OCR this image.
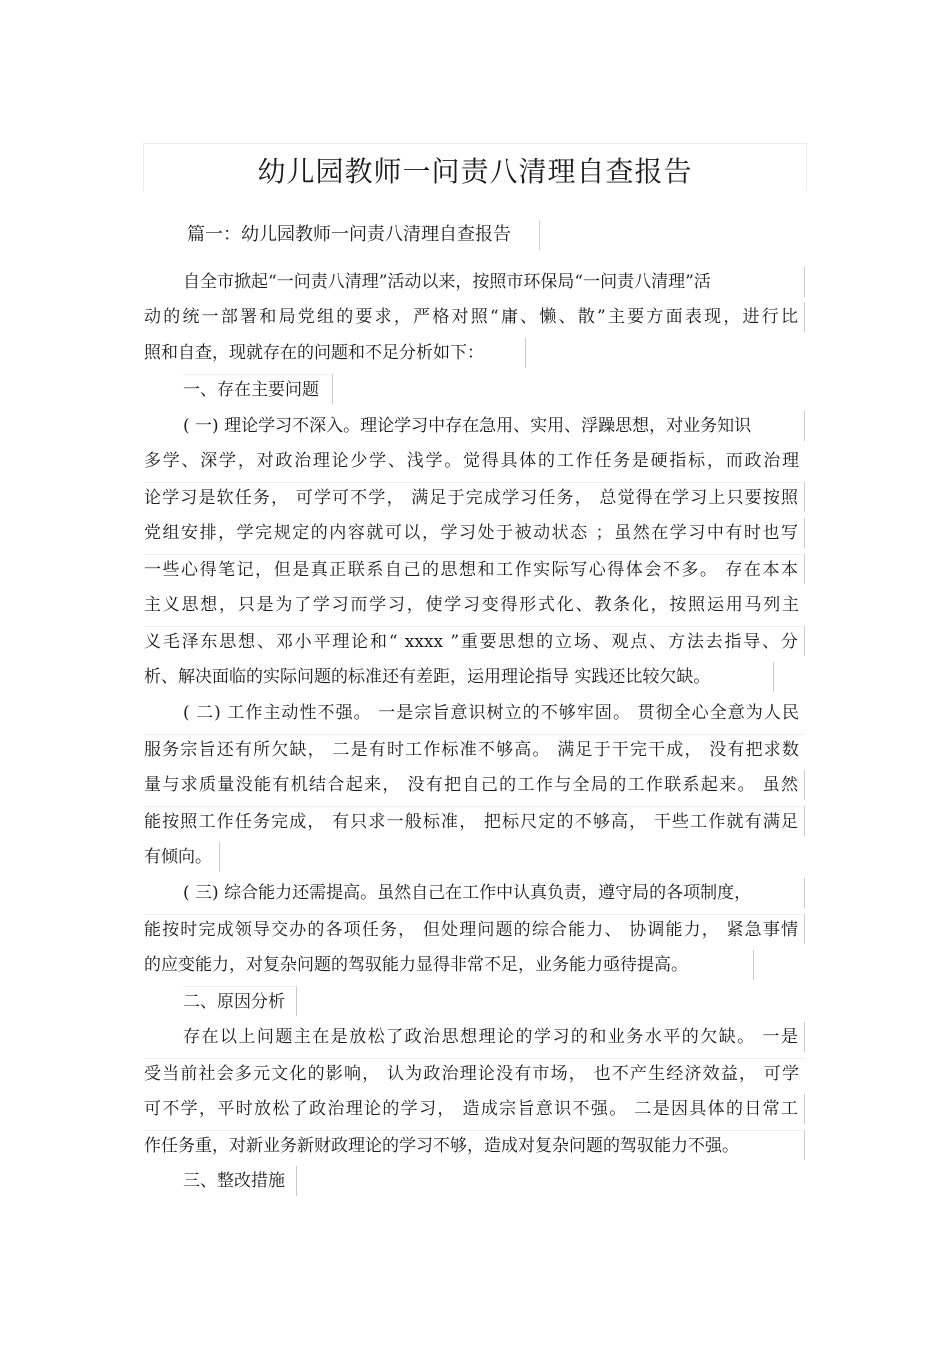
幼儿园教师一问责八清理自查报告
篇一：幼儿园教师一问责八清理自查报告
自全市掀起“一问责八清理”活动以来，按照市环保局“一问责八清理”活
动的统一部署和局党组的要求，严格对照“庸、懒、散”主要方面表现，进行比
照和自查，现就存在的问题和不足分析如下：
一、存在主要问题
( 一) 理论学习不深入。理论学习中存在急用、实用、浮躁思想，对业务知识
多学、深学，对政治理论少学、浅学。觉得具体的工作任务是硬指标，而政治理
论学习是软任务， 可学可不学， 满足于完成学习任务， 总觉得在学习上只要按照
党组安排，学完规定的内容就可以，学习处于被动状态 ；虽然在学习中有时也写
一些心得笔记，但是真正联系自己的思想和工作实际写心得体会不多。 存在本本
主义思想，只是为了学习而学习，使学习变得形式化、教条化，按照运用马列主
义毛泽东思想、邓小平理论和“ xxxx ”重要思想的立场、观点、方法去指导、分
析、解决面临的实际问题的标准还有差距，运用理论指导 实践还比较欠缺。
( 二) 工作主动性不强。 一是宗旨意识树立的不够牢固。 贯彻全心全意为人民
服务宗旨还有所欠缺， 二是有时工作标准不够高。 满足于干完干成， 没有把求数
量与求质量没能有机结合起来， 没有把自己的工作与全局的工作联系起来。 虽然
能按照工作任务完成， 有只求一般标准， 把标尺定的不够高， 干些工作就有满足
有倾向。
( 三) 综合能力还需提高。虽然自己在工作中认真负责，遵守局的各项制度，
能按时完成领导交办的各项任务， 但处理问题的综合能力、 协调能力， 紧急事情
的应变能力，对复杂问题的驾驭能力显得非常不足，业务能力亟待提高。
二、原因分析
存在以上问题主在是放松了政治思想理论的学习的和业务水平的欠缺。 一是
受当前社会多元文化的影响， 认为政治理论没有市场， 也不产生经济效益， 可学
可不学，平时放松了政治理论的学习， 造成宗旨意识不强。 二是因具体的日常工
作任务重，对新业务新财政理论的学习不够，造成对复杂问题的驾驭能力不强。
三、整改措施
